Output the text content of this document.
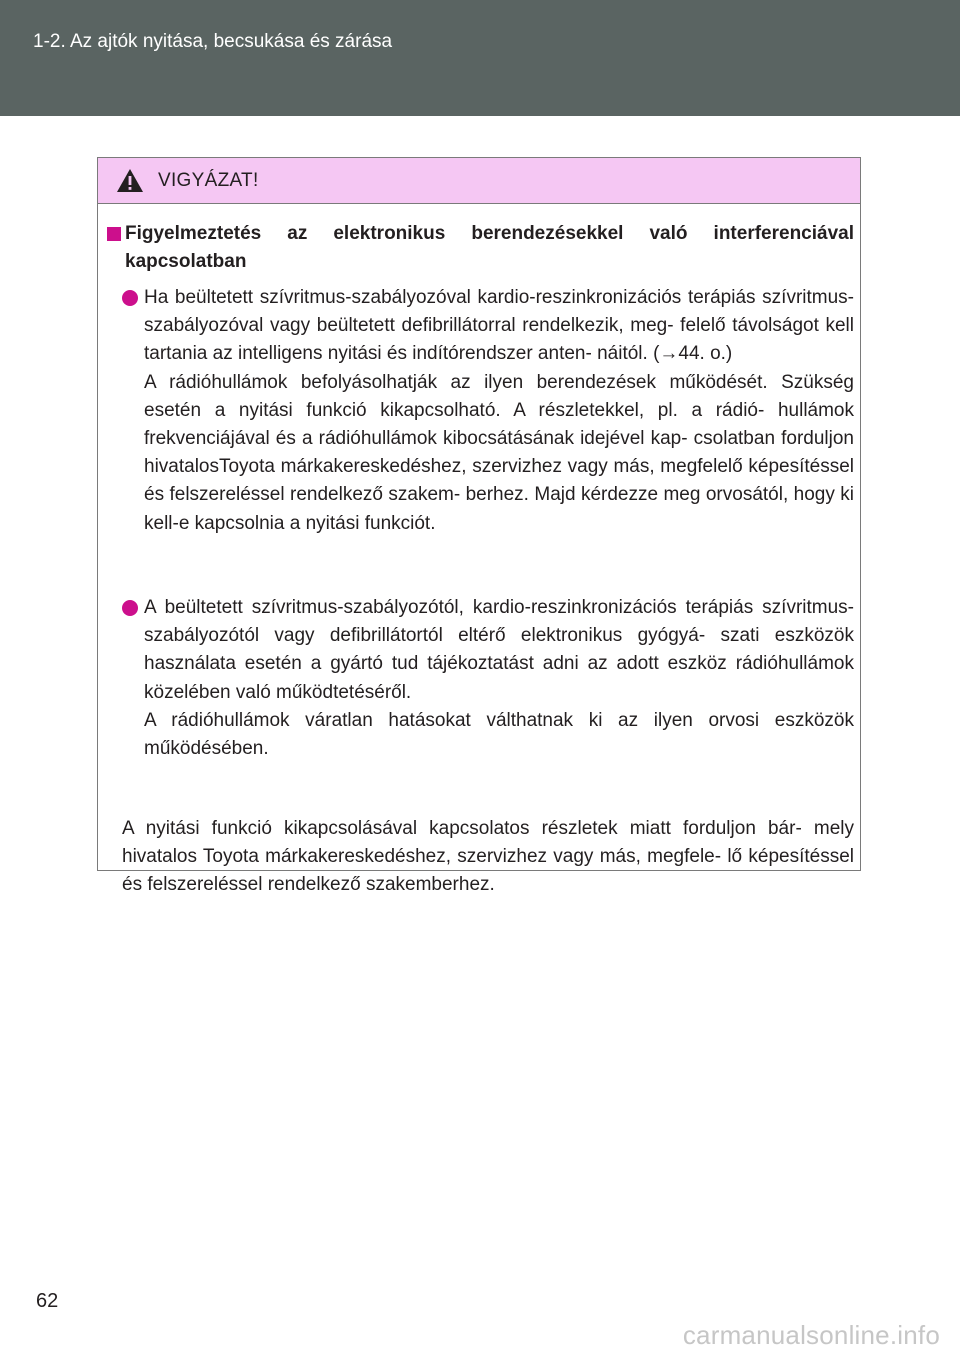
1-2. Az ajtók nyitása, becsukása és zárása
VIGYÁZAT!
Figyelmeztetés az elektronikus berendezésekkel való interferenciával kapcsolatban

Ha beültetett szívritmus-szabályozóval kardio-reszinkronizációs terápiás szívritmus-szabályozóval vagy beültetett defibrillátorral rendelkezik, meg- felelő távolságot kell tartania az intelligens nyitási és indítórendszer anten- náitól. (→44. o.)

A rádióhullámok befolyásolhatják az ilyen berendezések működését. Szükség esetén a nyitási funkció kikapcsolható. A részletekkel, pl. a rádió- hullámok frekvenciájával és a rádióhullámok kibocsátásának idejével kap- csolatban forduljon hivatalosToyota márkakereskedéshez, szervizhez vagy más, megfelelő képesítéssel és felszereléssel rendelkező szakem- berhez. Majd kérdezze meg orvosától, hogy ki kell-e kapcsolnia a nyitási funkciót.

A beültetett szívritmus-szabályozótól, kardio-reszinkronizációs terápiás szívritmus-szabályozótól vagy defibrillátortól eltérő elektronikus gyógyá- szati eszközök használata esetén a gyártó tud tájékoztatást adni az adott eszköz rádióhullámok közelében való működtetéséről.

A rádióhullámok váratlan hatásokat válthatnak ki az ilyen orvosi eszközök működésében.

A nyitási funkció kikapcsolásával kapcsolatos részletek miatt forduljon bár- mely hivatalos Toyota márkakereskedéshez, szervizhez vagy más, megfele- lő képesítéssel és felszereléssel rendelkező szakemberhez.

62
carmanualsonline.info
